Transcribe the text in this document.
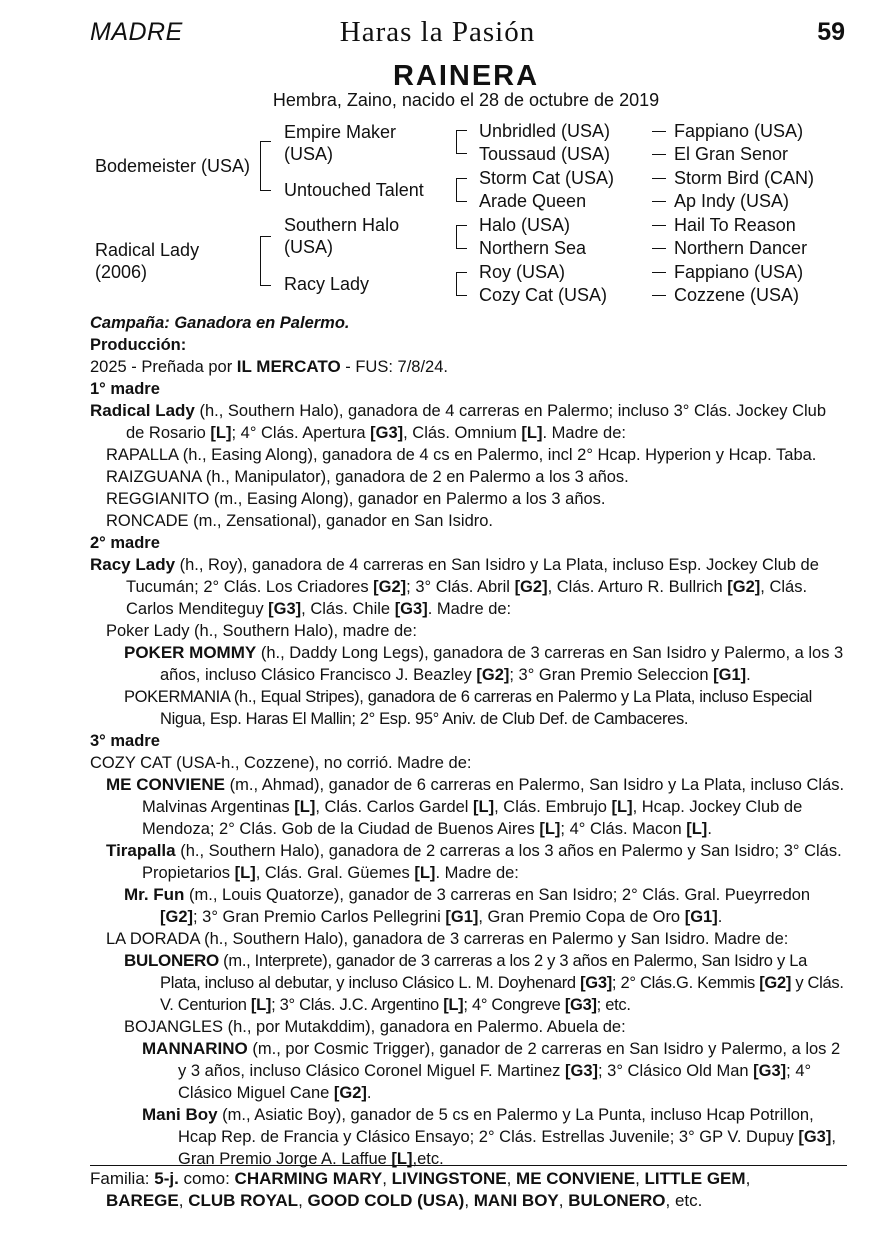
MADRE	Haras la Pasión	59
RAINERA
Hembra, Zaino, nacido el 28 de octubre de 2019
Bodemeister (USA)
Radical Lady
(2006)
Empire Maker
(USA)
Untouched Talent
Southern Halo
(USA)
Racy Lady
Unbridled (USA)
Toussaud (USA)
Storm Cat (USA)
Arade Queen
Halo (USA)
Northern Sea
Roy (USA)
Cozy Cat (USA)
Fappiano (USA)
El Gran Senor
Storm Bird (CAN)
Ap Indy (USA)
Hail To Reason
Northern Dancer
Fappiano (USA)
Cozzene (USA)

Campaña: Ganadora en Palermo.

Producción:

2025 - Preñada por IL MERCATO - FUS: 7/8/24.

1° madre

Radical Lady (h., Southern Halo), ganadora de 4 carreras en Palermo; incluso 3° Clás. Jockey Club de Rosario [L]; 4° Clás. Apertura [G3], Clás. Omnium [L]. Madre de:

RAPALLA (h., Easing Along), ganadora de 4 cs en Palermo, incl 2° Hcap. Hyperion y Hcap. Taba.

RAIZGUANA (h., Manipulator), ganadora de 2 en Palermo a los 3 años.

REGGIANITO (m., Easing Along), ganador en Palermo a los 3 años.

RONCADE (m., Zensational), ganador en San Isidro.

2° madre

Racy Lady (h., Roy), ganadora de 4 carreras en San Isidro y La Plata, incluso Esp. Jockey Club de Tucumán; 2° Clás. Los Criadores [G2]; 3° Clás. Abril [G2], Clás. Arturo R. Bullrich [G2], Clás. Carlos Menditeguy [G3], Clás. Chile [G3]. Madre de:

Poker Lady (h., Southern Halo), madre de:

POKER MOMMY (h., Daddy Long Legs), ganadora de 3 carreras en San Isidro y Palermo, a los 3 años, incluso Clásico Francisco J. Beazley [G2]; 3° Gran Premio Seleccion [G1].

POKERMANIA (h., Equal Stripes), ganadora de 6 carreras en Palermo y La Plata, incluso Especial Nigua, Esp. Haras El Mallin; 2° Esp. 95° Aniv. de Club Def. de Cambaceres.

3° madre

COZY CAT (USA-h., Cozzene), no corrió. Madre de:

ME CONVIENE (m., Ahmad), ganador de 6 carreras en Palermo, San Isidro y La Plata, incluso Clás. Malvinas Argentinas [L], Clás. Carlos Gardel [L], Clás. Embrujo [L], Hcap. Jockey Club de Mendoza; 2° Clás. Gob de la Ciudad de Buenos Aires [L]; 4° Clás. Macon [L].

Tirapalla (h., Southern Halo), ganadora de 2 carreras a los 3 años en Palermo y San Isidro; 3° Clás. Propietarios [L], Clás. Gral. Güemes [L]. Madre de:

Mr. Fun (m., Louis Quatorze), ganador de 3 carreras en San Isidro; 2° Clás. Gral. Pueyrredon [G2]; 3° Gran Premio Carlos Pellegrini [G1], Gran Premio Copa de Oro [G1].

LA DORADA (h., Southern Halo), ganadora de 3 carreras en Palermo y San Isidro. Madre de:

BULONERO (m., Interprete), ganador de 3 carreras a los 2 y 3 años en Palermo, San Isidro y La Plata, incluso al debutar, y incluso Clásico L. M. Doyhenard [G3]; 2° Clás.G. Kemmis [G2] y Clás. V. Centurion [L]; 3° Clás. J.C. Argentino [L]; 4° Congreve [G3]; etc.

BOJANGLES (h., por Mutakddim), ganadora en Palermo. Abuela de:

MANNARINO (m., por Cosmic Trigger), ganador de 2 carreras en San Isidro y Palermo, a los 2 y 3 años, incluso Clásico Coronel Miguel F. Martinez [G3]; 3° Clásico Old Man [G3]; 4° Clásico Miguel Cane [G2].

Mani Boy (m., Asiatic Boy), ganador de 5 cs en Palermo y La Punta, incluso Hcap Potrillon, Hcap Rep. de Francia y Clásico Ensayo; 2° Clás. Estrellas Juvenile; 3° GP V. Dupuy [G3], Gran Premio Jorge A. Laffue [L],etc.

Familia: 5-j. como: CHARMING MARY, LIVINGSTONE, ME CONVIENE, LITTLE GEM,
BAREGE, CLUB ROYAL, GOOD COLD (USA), MANI BOY, BULONERO, etc.
